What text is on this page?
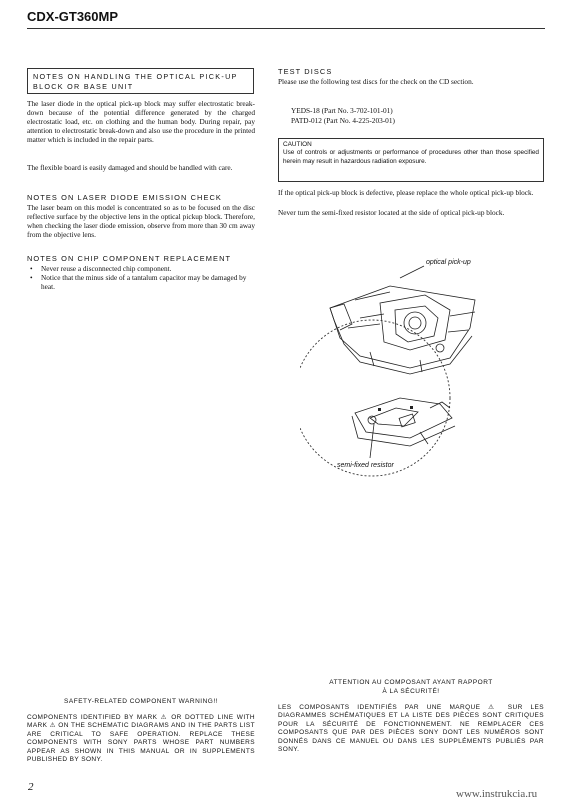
CDX-GT360MP
NOTES ON HANDLING THE OPTICAL PICK-UP BLOCK OR BASE UNIT
The laser diode in the optical pick-up block may suffer electrostatic break-down because of the potential difference generated by the charged electrostatic load, etc. on clothing and the human body. During repair, pay attention to electrostatic break-down and also use the procedure in the printed matter which is included in the repair parts.
The flexible board is easily damaged and should be handled with care.
NOTES ON LASER DIODE EMISSION CHECK
The laser beam on this model is concentrated so as to be focused on the disc reflective surface by the objective lens in the optical pickup block. Therefore, when checking the laser diode emission, observe from more than 30 cm away from the objective lens.
NOTES ON CHIP COMPONENT REPLACEMENT
•	Never reuse a disconnected chip component.
•	Notice that the minus side of a tantalum capacitor may be damaged by heat.
TEST DISCS
Please use the following test discs for the check on the CD section.
YEDS-18 (Part No. 3-702-101-01)
PATD-012 (Part No. 4-225-203-01)
CAUTION
Use of controls or adjustments or performance of procedures other than those specified herein may result in hazardous radiation exposure.
If the optical pick-up block is defective, please replace the whole optical pick-up block.
Never turn the semi-fixed resistor located at the side of optical pick-up block.
optical pick-up
semi-fixed resistor
SAFETY-RELATED COMPONENT WARNING!!
COMPONENTS IDENTIFIED BY MARK ⚠ OR DOTTED LINE WITH MARK ⚠ ON THE SCHEMATIC DIAGRAMS AND IN THE PARTS LIST ARE CRITICAL TO SAFE OPERATION. REPLACE THESE COMPONENTS WITH SONY PARTS WHOSE PART NUMBERS APPEAR AS SHOWN IN THIS MANUAL OR IN SUPPLEMENTS PUBLISHED BY SONY.
ATTENTION AU COMPOSANT AYANT RAPPORT
À LA SÉCURITÉ!
LES COMPOSANTS IDENTIFIÉS PAR UNE MARQUE ⚠ SUR LES DIAGRAMMES SCHÉMATIQUES ET LA LISTE DES PIÈCES SONT CRITIQUES POUR LA SÉCURITÉ DE FONCTIONNEMENT. NE REMPLACER CES COMPOSANTS QUE PAR DES PIÈCES SONY DONT LES NUMÉROS SONT DONNÉS DANS CE MANUEL OU DANS LES SUPPLÉMENTS PUBLIÉS PAR SONY.
2
www.instrukcia.ru
